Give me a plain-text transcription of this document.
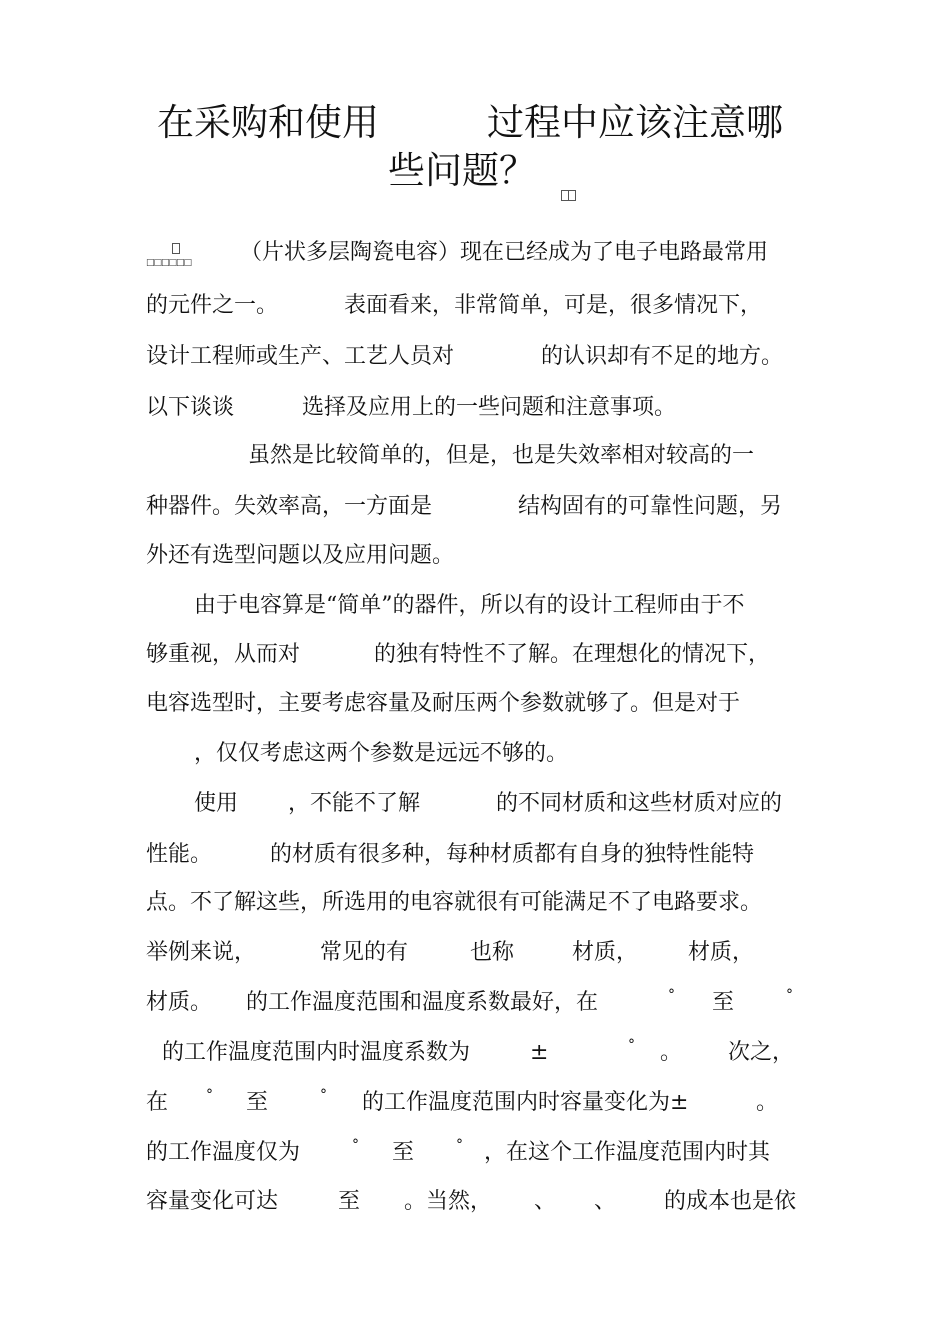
在采购和使用	过程中应该注意哪
些问题？
□□□□□□ （片状多层陶瓷电容）现在已经成为了电子电路最常用

的元件之一。	表面看来，非常简单，可是，很多情况下，

设计工程师或生产、工艺人员对	的认识却有不足的地方。

以下谈谈	选择及应用上的一些问题和注意事项。

虽然是比较简单的，但是，也是失效率相对较高的一

种器件。失效率高，一方面是	结构固有的可靠性问题，另

外还有选型问题以及应用问题。

由于电容算是“简单”的器件，所以有的设计工程师由于不

够重视，从而对	的独有特性不了解。在理想化的情况下，

电容选型时，主要考虑容量及耐压两个参数就够了。但是对于

，仅仅考虑这两个参数是远远不够的。

使用 ，不能不了解	的不同材质和这些材质对应的

性能。	的材质有很多种，每种材质都有自身的独特性能特

点。不了解这些，所选用的电容就很有可能满足不了电路要求。

举例来说，	常见的有	也称	材质， 材质，

材质。 的工作温度范围和温度系数最好，在	° 至	°

的工作温度范围内时温度系数为	±	° 。 次之，

在	° 至	° 的工作温度范围内时容量变化为±	。

的工作温度仅为	° 至	° ，在这个工作温度范围内时其

容量变化可达	至 。当然， 、 、 的成本也是依
